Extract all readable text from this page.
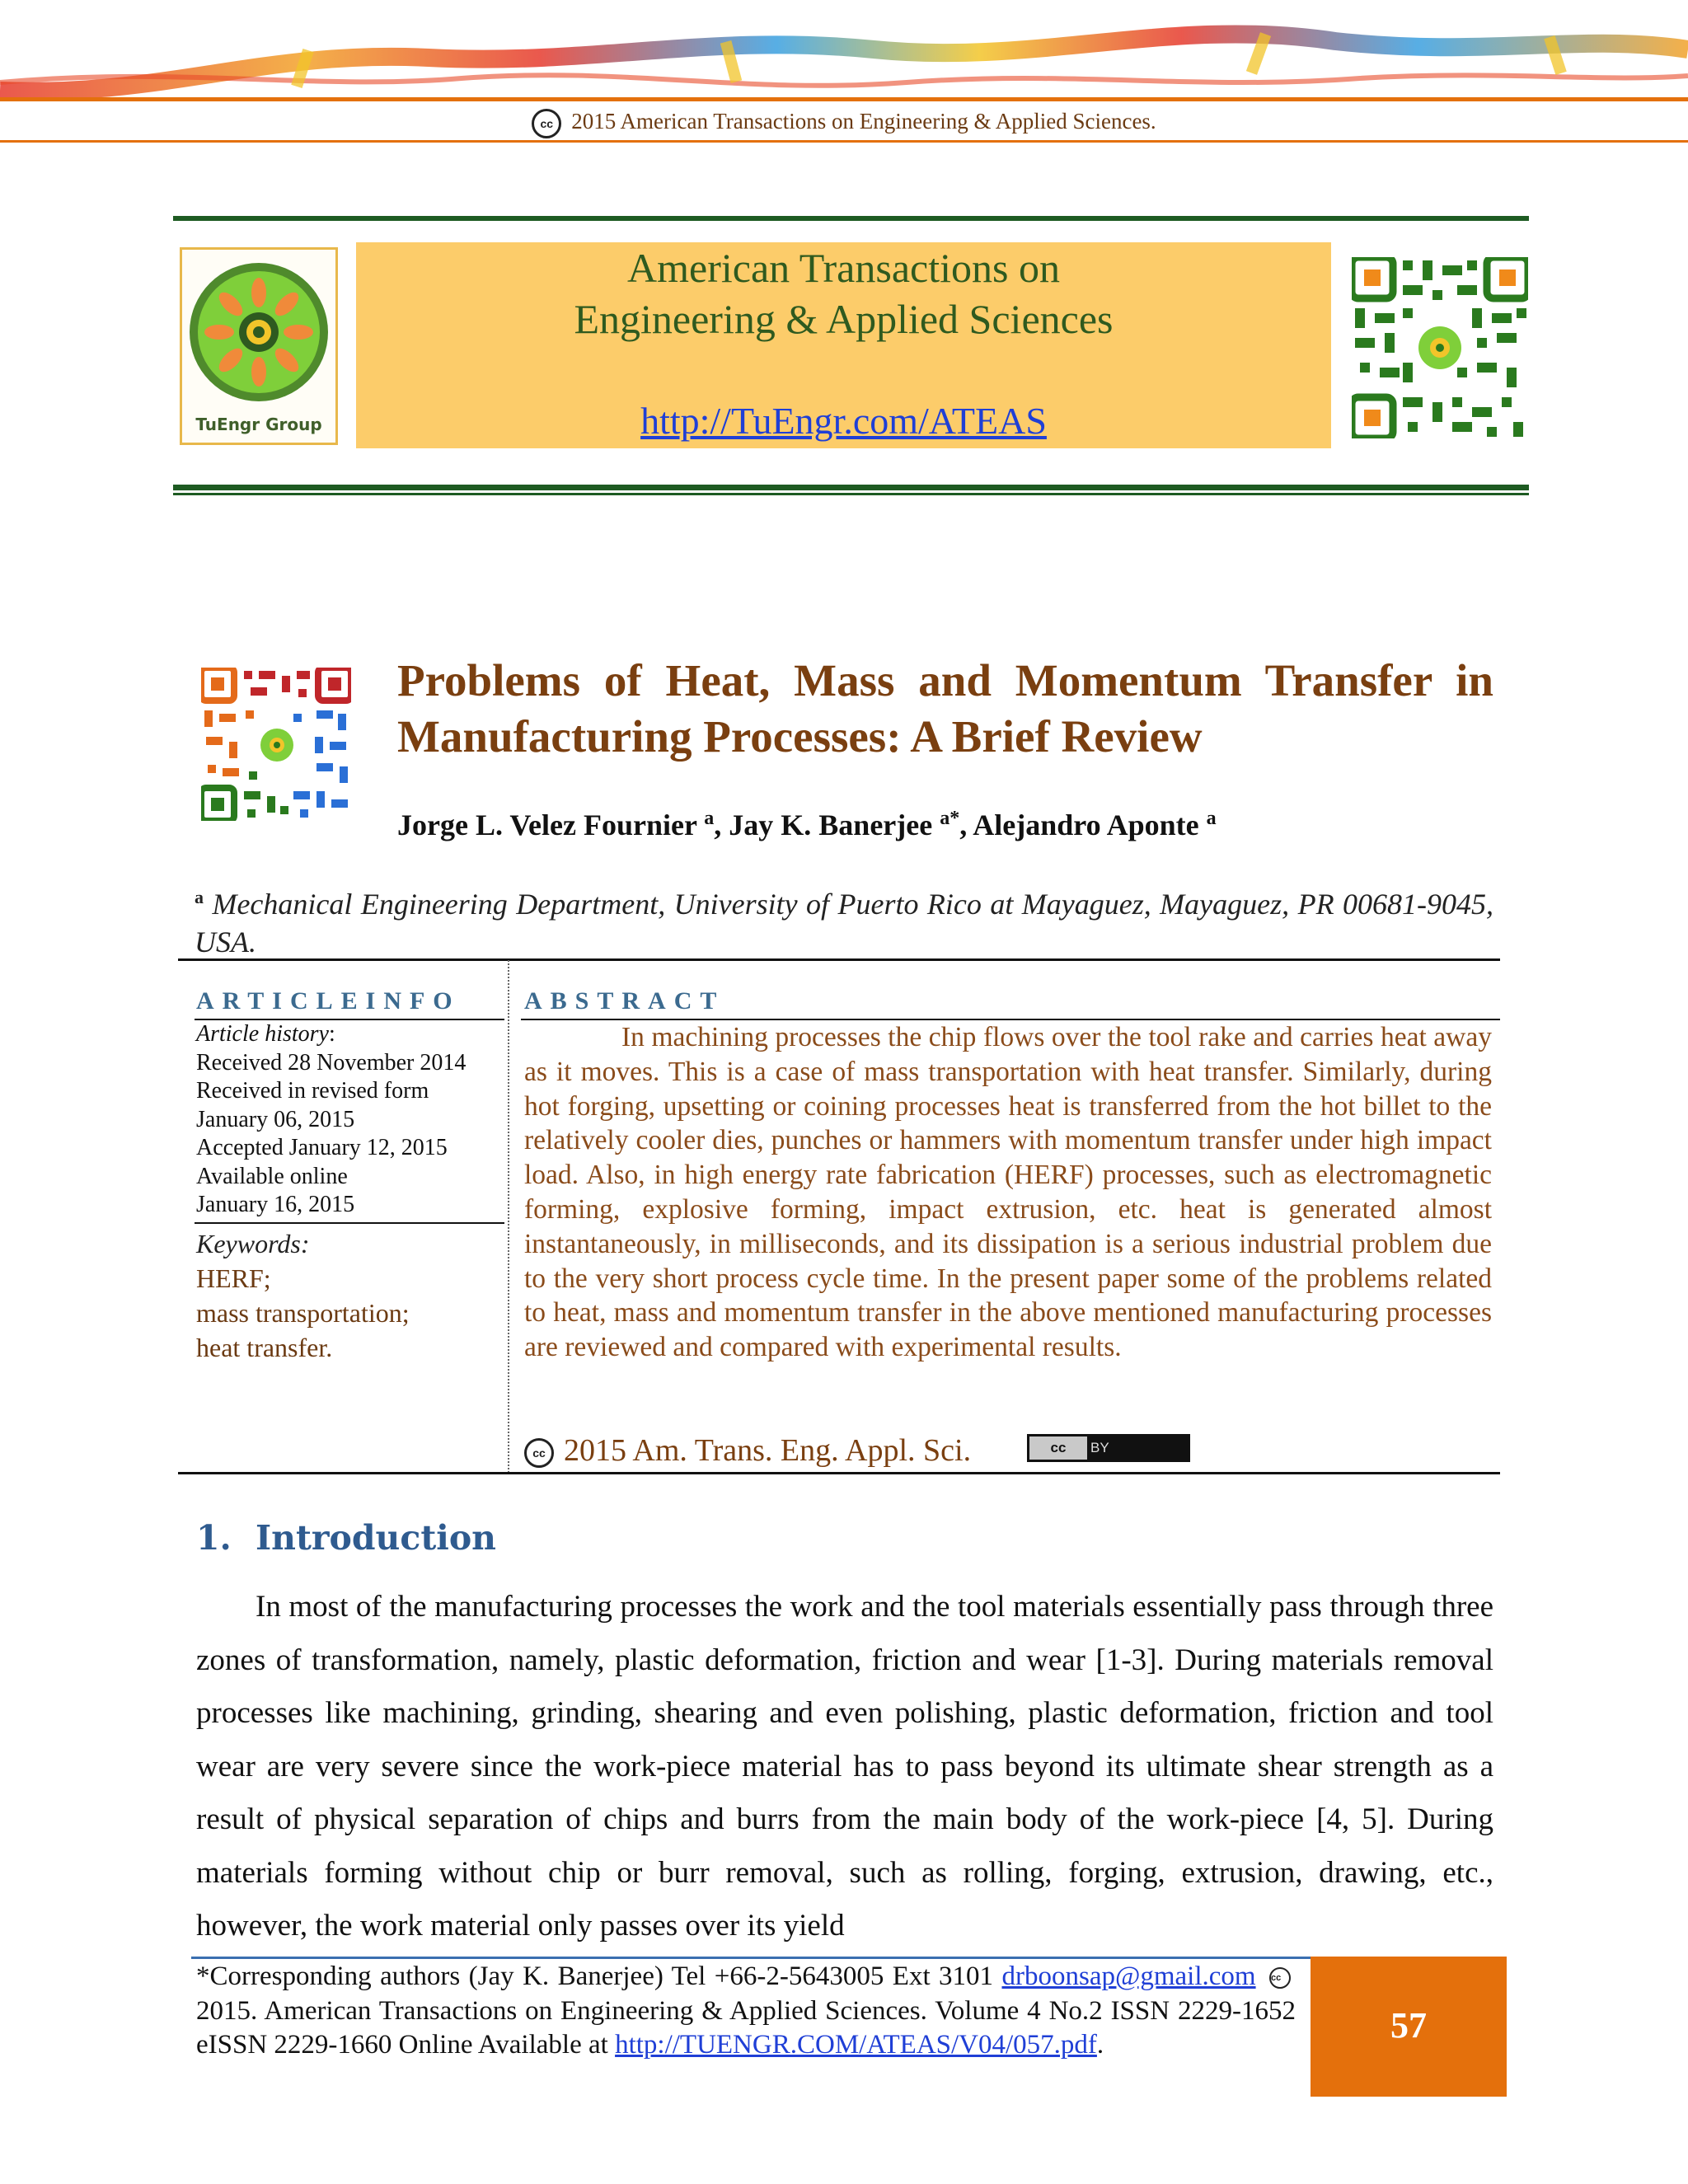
cc 2015 American Transactions on Engineering & Applied Sciences.
TuEngr Group
American Transactions on
Engineering & Applied Sciences
http://TuEngr.com/ATEAS
Problems of Heat, Mass and Momentum Transfer in Manufacturing Processes: A Brief Review
Jorge L. Velez Fournier $^a$, Jay K. Banerjee $^{a*}$, Alejandro Aponte $^a$
$^a$ Mechanical Engineering Department, University of Puerto Rico at Mayaguez, Mayaguez, PR 00681-9045, USA.
ARTICLEINFO	ABSTRACT
Article history:
Received 28 November 2014
Received in revised form
January 06, 2015
Accepted January 12, 2015
Available online
January 16, 2015
Keywords:
HERF;
mass transportation;
heat transfer.
In machining processes the chip flows over the tool rake and carries heat away as it moves. This is a case of mass transportation with heat transfer. Similarly, during hot forging, upsetting or coining processes heat is transferred from the hot billet to the relatively cooler dies, punches or hammers with momentum transfer under high impact load. Also, in high energy rate fabrication (HERF) processes, such as electromagnetic forming, explosive forming, impact extrusion, etc. heat is generated almost instantaneously, in milliseconds, and its dissipation is a serious industrial problem due to the very short process cycle time. In the present paper some of the problems related to heat, mass and momentum transfer in the above mentioned manufacturing processes are reviewed and compared with experimental results.
cc 2015 Am. Trans. Eng. Appl. Sci.	cc	BY
1. Introduction
In most of the manufacturing processes the work and the tool materials essentially pass through three zones of transformation, namely, plastic deformation, friction and wear [1-3]. During materials removal processes like machining, grinding, shearing and even polishing, plastic deformation, friction and tool wear are very severe since the work-piece material has to pass beyond its ultimate shear strength as a result of physical separation of chips and burrs from the main body of the work-piece [4, 5]. During materials forming without chip or burr removal, such as rolling, forging, extrusion, drawing, etc., however, the work material only passes over its yield
*Corresponding authors (Jay K. Banerjee) Tel +66-2-5643005 Ext 3101 drboonsap@gmail.com cc2015. American Transactions on Engineering & Applied Sciences. Volume 4 No.2 ISSN 2229-1652 eISSN 2229-1660 Online Available at http://TUENGR.COM/ATEAS/V04/057.pdf.	57
